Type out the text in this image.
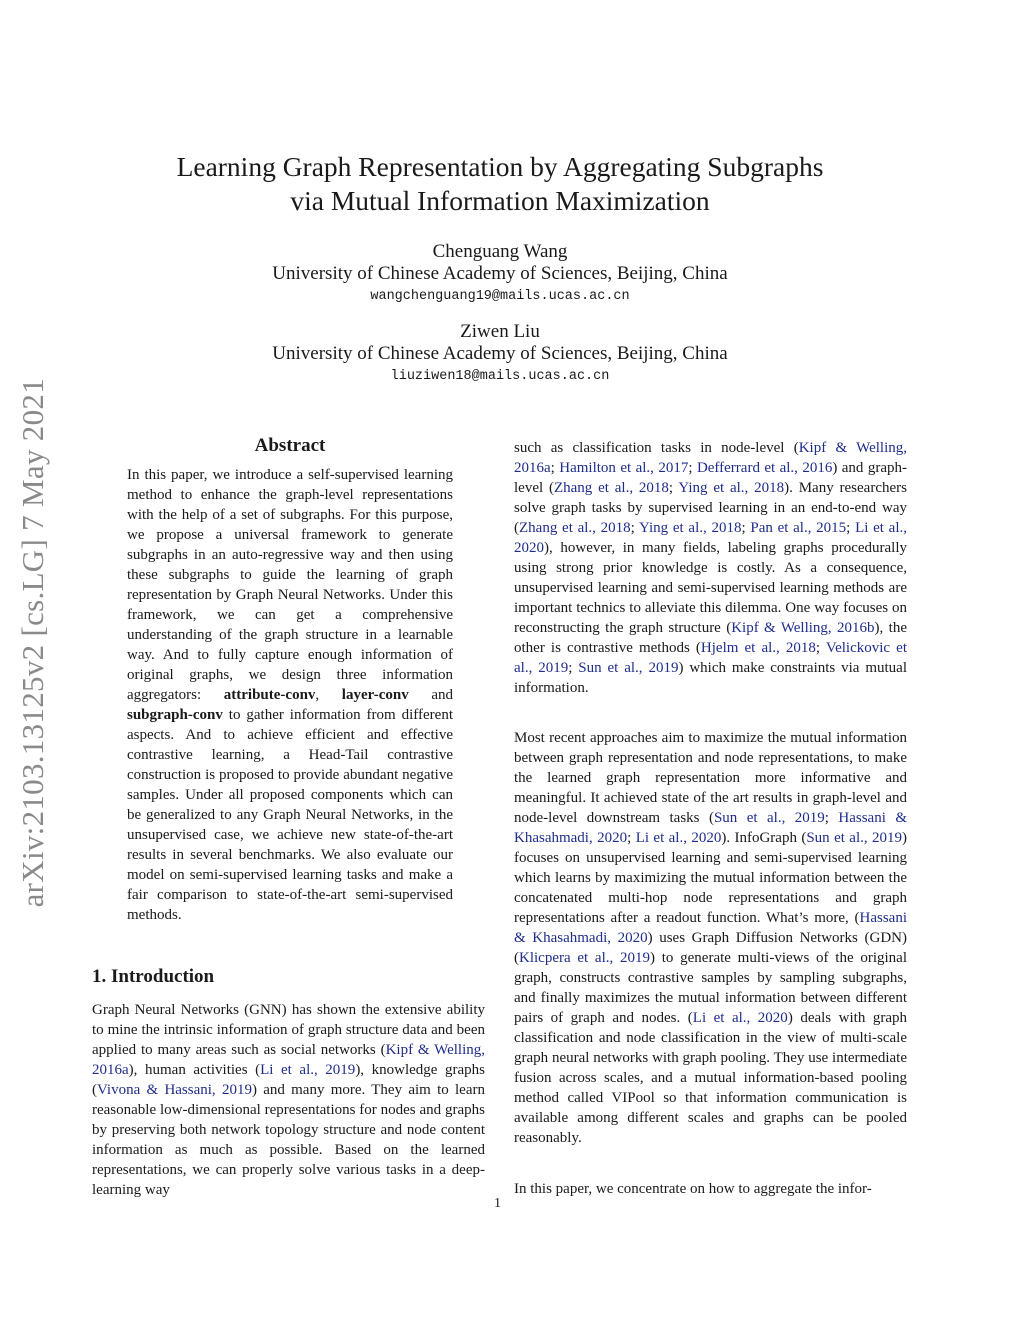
arXiv:2103.13125v2 [cs.LG] 7 May 2021
Learning Graph Representation by Aggregating Subgraphs
via Mutual Information Maximization
Chenguang Wang
University of Chinese Academy of Sciences, Beijing, China
wangchenguang19@mails.ucas.ac.cn
Ziwen Liu
University of Chinese Academy of Sciences, Beijing, China
liuziwen18@mails.ucas.ac.cn
Abstract

In this paper, we introduce a self-supervised learning method to enhance the graph-level representations with the help of a set of subgraphs. For this purpose, we propose a universal framework to generate subgraphs in an auto-regressive way and then using these subgraphs to guide the learning of graph representation by Graph Neural Networks. Under this framework, we can get a comprehensive understanding of the graph structure in a learnable way. And to fully capture enough information of original graphs, we design three information aggregators: attribute-conv, layer-conv and subgraph-conv to gather information from different aspects. And to achieve efficient and effective contrastive learning, a Head-Tail contrastive construction is proposed to provide abundant negative samples. Under all proposed components which can be generalized to any Graph Neural Networks, in the unsupervised case, we achieve new state-of-the-art results in several benchmarks. We also evaluate our model on semi-supervised learning tasks and make a fair comparison to state-of-the-art semi-supervised methods.

1. Introduction

Graph Neural Networks (GNN) has shown the extensive ability to mine the intrinsic information of graph structure data and been applied to many areas such as social networks (Kipf & Welling, 2016a), human activities (Li et al., 2019), knowledge graphs (Vivona & Hassani, 2019) and many more. They aim to learn reasonable low-dimensional representations for nodes and graphs by preserving both network topology structure and node content information as much as possible. Based on the learned representations, we can properly solve various tasks in a deep-learning way

such as classification tasks in node-level (Kipf & Welling, 2016a; Hamilton et al., 2017; Defferrard et al., 2016) and graph-level (Zhang et al., 2018; Ying et al., 2018). Many researchers solve graph tasks by supervised learning in an end-to-end way (Zhang et al., 2018; Ying et al., 2018; Pan et al., 2015; Li et al., 2020), however, in many fields, labeling graphs procedurally using strong prior knowledge is costly. As a consequence, unsupervised learning and semi-supervised learning methods are important technics to alleviate this dilemma. One way focuses on reconstructing the graph structure (Kipf & Welling, 2016b), the other is contrastive methods (Hjelm et al., 2018; Velickovic et al., 2019; Sun et al., 2019) which make constraints via mutual information.

Most recent approaches aim to maximize the mutual information between graph representation and node representations, to make the learned graph representation more informative and meaningful. It achieved state of the art results in graph-level and node-level downstream tasks (Sun et al., 2019; Hassani & Khasahmadi, 2020; Li et al., 2020). InfoGraph (Sun et al., 2019) focuses on unsupervised learning and semi-supervised learning which learns by maximizing the mutual information between the concatenated multi-hop node representations and graph representations after a readout function. What’s more, (Hassani & Khasahmadi, 2020) uses Graph Diffusion Networks (GDN) (Klicpera et al., 2019) to generate multi-views of the original graph, constructs contrastive samples by sampling subgraphs, and finally maximizes the mutual information between different pairs of graph and nodes. (Li et al., 2020) deals with graph classification and node classification in the view of multi-scale graph neural networks with graph pooling. They use intermediate fusion across scales, and a mutual information-based pooling method called VIPool so that information communication is available among different scales and graphs can be pooled reasonably.

In this paper, we concentrate on how to aggregate the infor-

1
